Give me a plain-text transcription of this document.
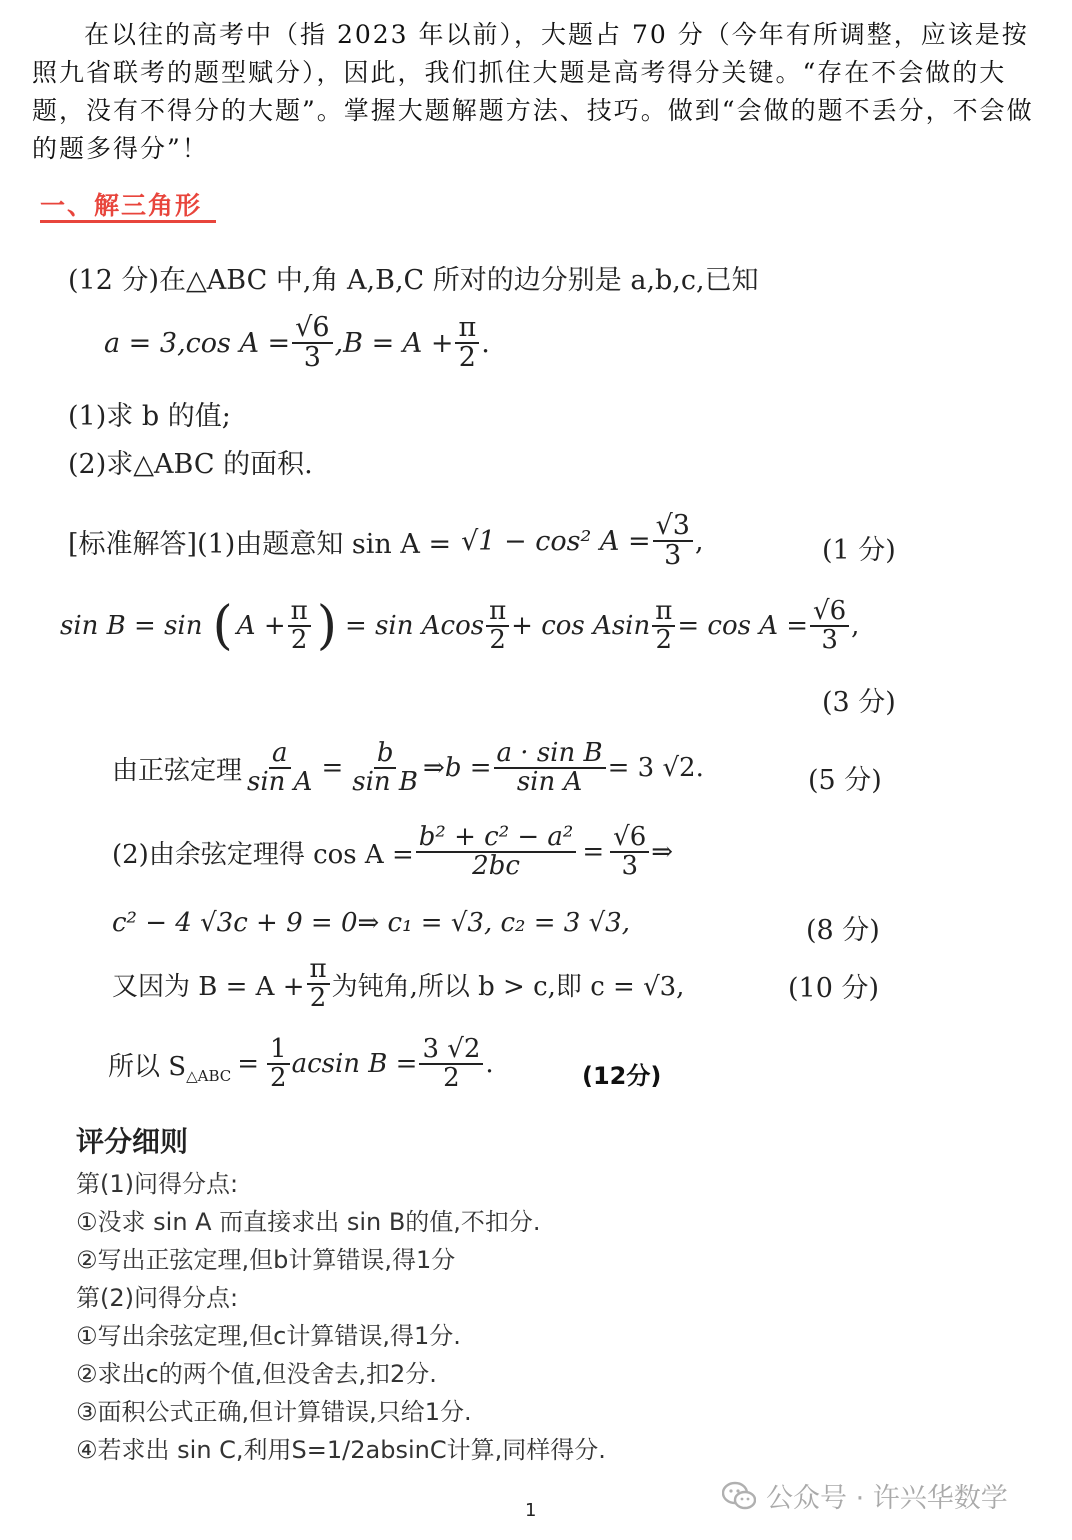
在以往的高考中（指 2023 年以前），大题占 70 分（今年有所调整，应该是按照九省联考的题型赋分），因此，我们抓住大题是高考得分关键。“存在不会做的大题，没有不得分的大题”。掌握大题解题方法、技巧。做到“会做的题不丢分，不会做的题多得分”！

一、解三角形
(12 分)在△ABC 中,角 A,B,C 所对的边分别是 a,b,c,已知
a = 3,cos $A = \frac{√6}{3} ,B = A + \frac{\pi}{2}$ .
(1)求 b 的值;
(2)求△ABC 的面积.
[标准解答](1)由题意知 sin A = √1 − cos² $A = \frac{√3}{3}$ ,	(1 分)
sin B = sin ( $A + \frac{\pi}{2}$ ) = sin Acos $\frac{\pi}{2} + \cos Asin \frac{\pi}{2} = \cos A = \frac{√6}{3}$ ,
(3 分)
由正弦定理 $\frac{a}{\text{sin A}} = \frac{b}{\text{sin B}}$ ⇒b = $\frac{\text{a · sin B}}{\text{sin A}} = 3$ √2.	(5 分)
(2)由余弦定理得 $\cos A = \frac{\text{b² + c² − a²}}{2bc} = \frac{√6}{3}$ ⇒
c² − 4 √3c + 9 = 0⇒ c₁ = √3, c₂ = 3 √3,	(8 分)
又因为 $B = A + \frac{\pi}{2}$ 为钝角,所以 b > c,即 c = √3,	(10 分)
所以 S △ABC = $\frac{1}{2}$ acsin $B = \frac{3 √2}{2}$ .	(12分)
评分细则
第(1)问得分点:
①没求 sin A 而直接求出 sin B的值,不扣分.
②写出正弦定理,但b计算错误,得1分
第(2)问得分点:
①写出余弦定理,但c计算错误,得1分.
②求出c的两个值,但没舍去,扣2分.
③面积公式正确,但计算错误,只给1分.
④若求出 sin C,利用S=1/2absinC计算,同样得分.
1	公众号 · 许兴华数学
